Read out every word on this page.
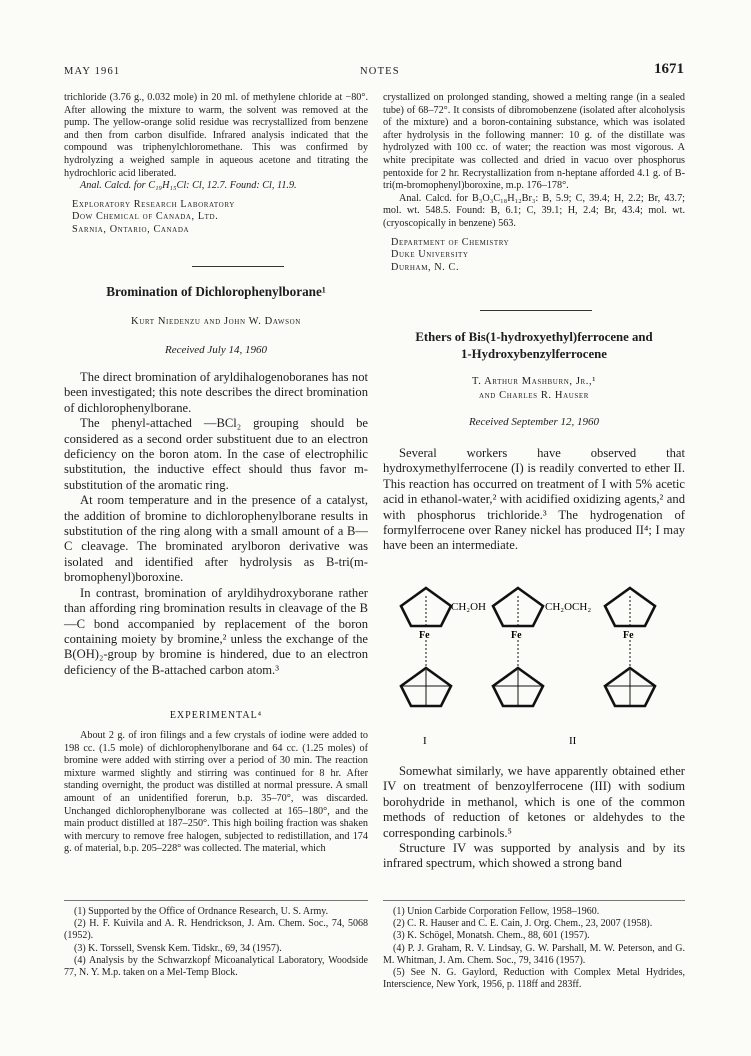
MAY 1961	NOTES	1671

trichloride (3.76 g., 0.032 mole) in 20 ml. of methylene chloride at −80°. After allowing the mixture to warm, the solvent was removed at the pump. The yellow-orange solid residue was recrystallized from benzene and then from carbon disulfide. Infrared analysis indicated that the compound was triphenylchloromethane. This was confirmed by hydrolyzing a weighed sample in aqueous acetone and titrating the hydrochloric acid liberated.

Anal. Calcd. for C₁₉H₁₅Cl: Cl, 12.7. Found: Cl, 11.9.

Exploratory Research Laboratory

Dow Chemical of Canada, Ltd.

Sarnia, Ontario, Canada

Bromination of Dichlorophenylborane¹
Kurt Niedenzu and John W. Dawson
Received July 14, 1960

The direct bromination of aryldihalogenoboranes has not been investigated; this note describes the direct bromination of dichlorophenylborane.

The phenyl-attached —BCl₂ grouping should be considered as a second order substituent due to an electron deficiency on the boron atom. In the case of electrophilic substitution, the inductive effect should thus favor m-substitution of the aromatic ring.

At room temperature and in the presence of a catalyst, the addition of bromine to dichlorophenylborane results in substitution of the ring along with a small amount of a B—C cleavage. The brominated arylboron derivative was isolated and identified after hydrolysis as B-tri(m-bromophenyl)boroxine.

In contrast, bromination of aryldihydroxyborane rather than affording ring bromination results in cleavage of the B—C bond accompanied by replacement of the boron containing moiety by bromine,² unless the exchange of the B(OH)₂-group by bromine is hindered, due to an electron deficiency of the B-attached carbon atom.³

EXPERIMENTAL⁴

About 2 g. of iron filings and a few crystals of iodine were added to 198 cc. (1.5 mole) of dichlorophenylborane and 64 cc. (1.25 moles) of bromine were added with stirring over a period of 30 min. The reaction mixture warmed slightly and stirring was continued for 8 hr. After standing overnight, the product was distilled at normal pressure. A small amount of an unidentified forerun, b.p. 35–70°, was discarded. Unchanged dichlorophenylborane was collected at 165–180°, and the main product distilled at 187–250°. This high boiling fraction was shaken with mercury to remove free halogen, subjected to redistillation, and 174 g. of material, b.p. 205–228° was collected. The material, which

(1) Supported by the Office of Ordnance Research, U. S. Army.

(2) H. F. Kuivila and A. R. Hendrickson, J. Am. Chem. Soc., 74, 5068 (1952).

(3) K. Torssell, Svensk Kem. Tidskr., 69, 34 (1957).

(4) Analysis by the Schwarzkopf Micoanalytical Laboratory, Woodside 77, N. Y. M.p. taken on a Mel-Temp Block.

crystallized on prolonged standing, showed a melting range (in a sealed tube) of 68–72°. It consists of dibromobenzene (isolated after alcoholysis of the mixture) and a boron-containing substance, which was isolated after hydrolysis in the following manner: 10 g. of the distillate was hydrolyzed with 100 cc. of water; the reaction was most vigorous. A white precipitate was collected and dried in vacuo over phosphorus pentoxide for 2 hr. Recrystallization from n-heptane afforded 4.1 g. of B-tri(m-bromophenyl)boroxine, m.p. 176–178°.

Anal. Calcd. for B₃O₃C₁₈H₁₂Br₃: B, 5.9; C, 39.4; H, 2.2; Br, 43.7; mol. wt. 548.5. Found: B, 6.1; C, 39.1; H, 2.4; Br, 43.4; mol. wt. (cryoscopically in benzene) 563.

Department of Chemistry

Duke University

Durham, N. C.

Ethers of Bis(1-hydroxyethyl)ferrocene and
1-Hydroxybenzylferrocene
T. Arthur Mashburn, Jr.,¹
and Charles R. Hauser
Received September 12, 1960

Several workers have observed that hydroxymethylferrocene (I) is readily converted to ether II. This reaction has occurred on treatment of I with 5% acetic acid in ethanol-water,² with acidified oxidizing agents,² and with phosphorus trichloride.³ The hydrogenation of formylferrocene over Raney nickel has produced II⁴; I may have been an intermediate.

Fe
CH₂OH
I
Fe
CH₂OCH₂
Fe
II

Somewhat similarly, we have apparently obtained ether IV on treatment of benzoylferrocene (III) with sodium borohydride in methanol, which is one of the common methods of reduction of ketones or aldehydes to the corresponding carbinols.⁵

Structure IV was supported by analysis and by its infrared spectrum, which showed a strong band

(1) Union Carbide Corporation Fellow, 1958–1960.

(2) C. R. Hauser and C. E. Cain, J. Org. Chem., 23, 2007 (1958).

(3) K. Schögel, Monatsh. Chem., 88, 601 (1957).

(4) P. J. Graham, R. V. Lindsay, G. W. Parshall, M. W. Peterson, and G. M. Whitman, J. Am. Chem. Soc., 79, 3416 (1957).

(5) See N. G. Gaylord, Reduction with Complex Metal Hydrides, Interscience, New York, 1956, p. 118ff and 283ff.
